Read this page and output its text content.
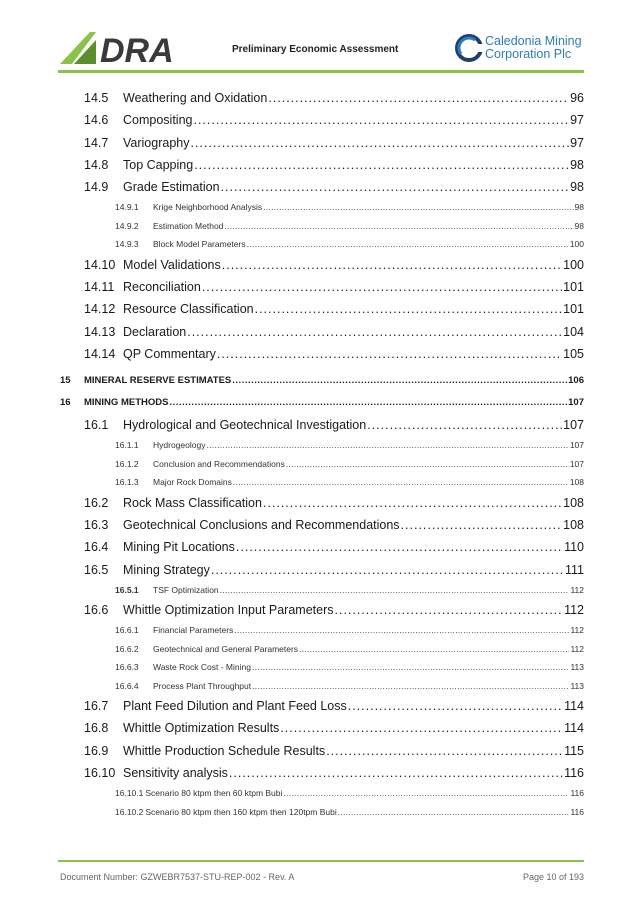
DRA	Preliminary Economic Assessment
Caledonia Mining
Corporation Plc
14.5 Weathering and Oxidation .....	96
14.6 Compositing .....	97
14.7 Variography .....	97
14.8 Top Capping .....	98
14.9 Grade Estimation .....	98
14.9.1 Krige Neighborhood Analysis .....	98
14.9.2 Estimation Method .....	98
14.9.3 Block Model Parameters .....	100
14.10 Model Validations .....	100
14.11 Reconciliation .....	101
14.12 Resource Classification .....	101
14.13 Declaration .....	104
14.14 QP Commentary .....	105
15 MINERAL RESERVE ESTIMATES .....	106
16 MINING METHODS .....	107
16.1 Hydrological and Geotechnical Investigation .....	107
16.1.1 Hydrogeology .....	107
16.1.2 Conclusion and Recommendations .....	107
16.1.3 Major Rock Domains .....	108
16.2 Rock Mass Classification .....	108
16.3 Geotechnical Conclusions and Recommendations .....	108
16.4 Mining Pit Locations .....	110
16.5 Mining Strategy .....	111
16.5.1 TSF Optimization .....	112
16.6 Whittle Optimization Input Parameters .....	112
16.6.1 Financial Parameters .....	112
16.6.2 Geotechnical and General Parameters .....	112
16.6.3 Waste Rock Cost - Mining .....	113
16.6.4 Process Plant Throughput .....	113
16.7 Plant Feed Dilution and Plant Feed Loss .....	114
16.8 Whittle Optimization Results .....	114
16.9 Whittle Production Schedule Results .....	115
16.10 Sensitivity analysis .....	116
16.10.1 Scenario 80 ktpm then 60 ktpm Bubi .....	116
16.10.2 Scenario 80 ktpm then 160 ktpm then 120tpm Bubi .....	116
Document Number: GZWEBR7537-STU-REP-002 - Rev. A	Page 10 of 193
